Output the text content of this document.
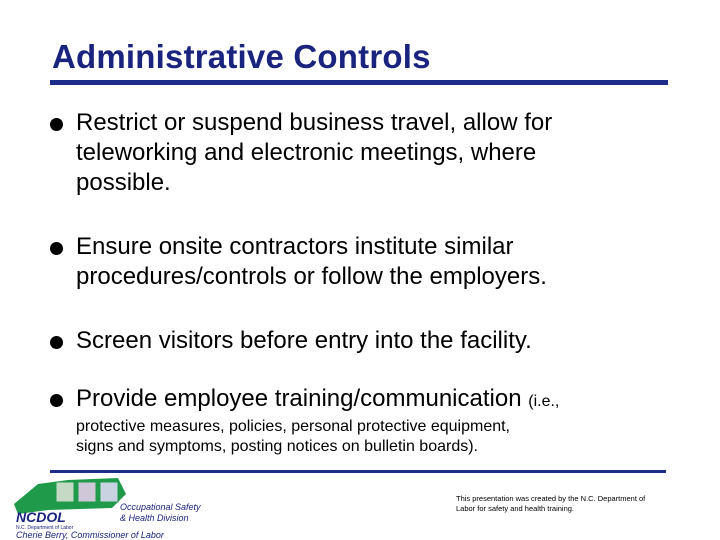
Administrative Controls
Restrict or suspend business travel, allow for
teleworking and electronic meetings, where
possible.
Ensure onsite contractors institute similar
procedures/controls or follow the employers.
Screen visitors before entry into the facility.
Provide employee training/communication (i.e.,
protective measures, policies, personal protective equipment,
signs and symptoms, posting notices on bulletin boards).
NCDOL
N.C. Department of Labor
Occupational Safety
& Health Division
Cherie Berry, Commissioner of Labor
This presentation was created by the N.C. Department of
Labor for safety and health training.
